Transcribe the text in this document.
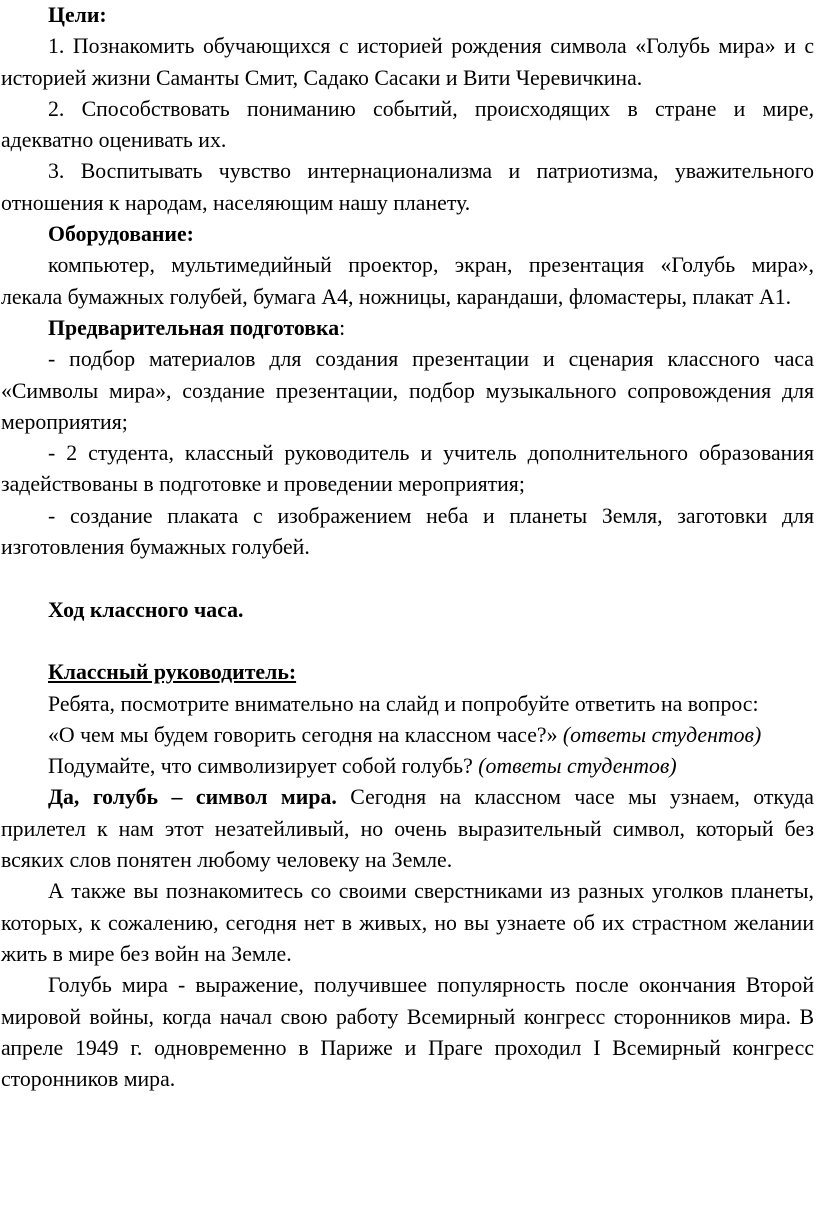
Цели:

1. Познакомить обучающихся с историей рождения символа «Голубь мира» и с историей жизни Саманты Смит, Садако Сасаки и Вити Черевичкина.

2. Способствовать пониманию событий, происходящих в стране и мире, адекватно оценивать их.

3. Воспитывать чувство интернационализма и патриотизма, уважительного отношения к народам, населяющим нашу планету.

Оборудование:

компьютер, мультимедийный проектор, экран, презентация «Голубь мира», лекала бумажных голубей, бумага А4, ножницы, карандаши, фломастеры, плакат А1.

Предварительная подготовка:

- подбор материалов для создания презентации и сценария классного часа «Символы мира», создание презентации, подбор музыкального сопровождения для мероприятия;

- 2 студента, классный руководитель и учитель дополнительного образования задействованы в подготовке и проведении мероприятия;

- создание плаката с изображением неба и планеты Земля, заготовки для изготовления бумажных голубей.

Ход классного часа.

Классный руководитель:

Ребята, посмотрите внимательно на слайд и попробуйте ответить на вопрос:

«О чем мы будем говорить сегодня на классном часе?» (ответы студентов)

Подумайте, что символизирует собой голубь? (ответы студентов)

Да, голубь – символ мира. Сегодня на классном часе мы узнаем, откуда прилетел к нам этот незатейливый, но очень выразительный символ, который без всяких слов понятен любому человеку на Земле.

А также вы познакомитесь со своими сверстниками из разных уголков планеты, которых, к сожалению, сегодня нет в живых, но вы узнаете об их страстном желании жить в мире без войн на Земле.

Голубь мира - выражение, получившее популярность после окончания Второй мировой войны, когда начал свою работу Всемирный конгресс сторонников мира. В апреле 1949 г. одновременно в Париже и Праге проходил I Всемирный конгресс сторонников мира.
